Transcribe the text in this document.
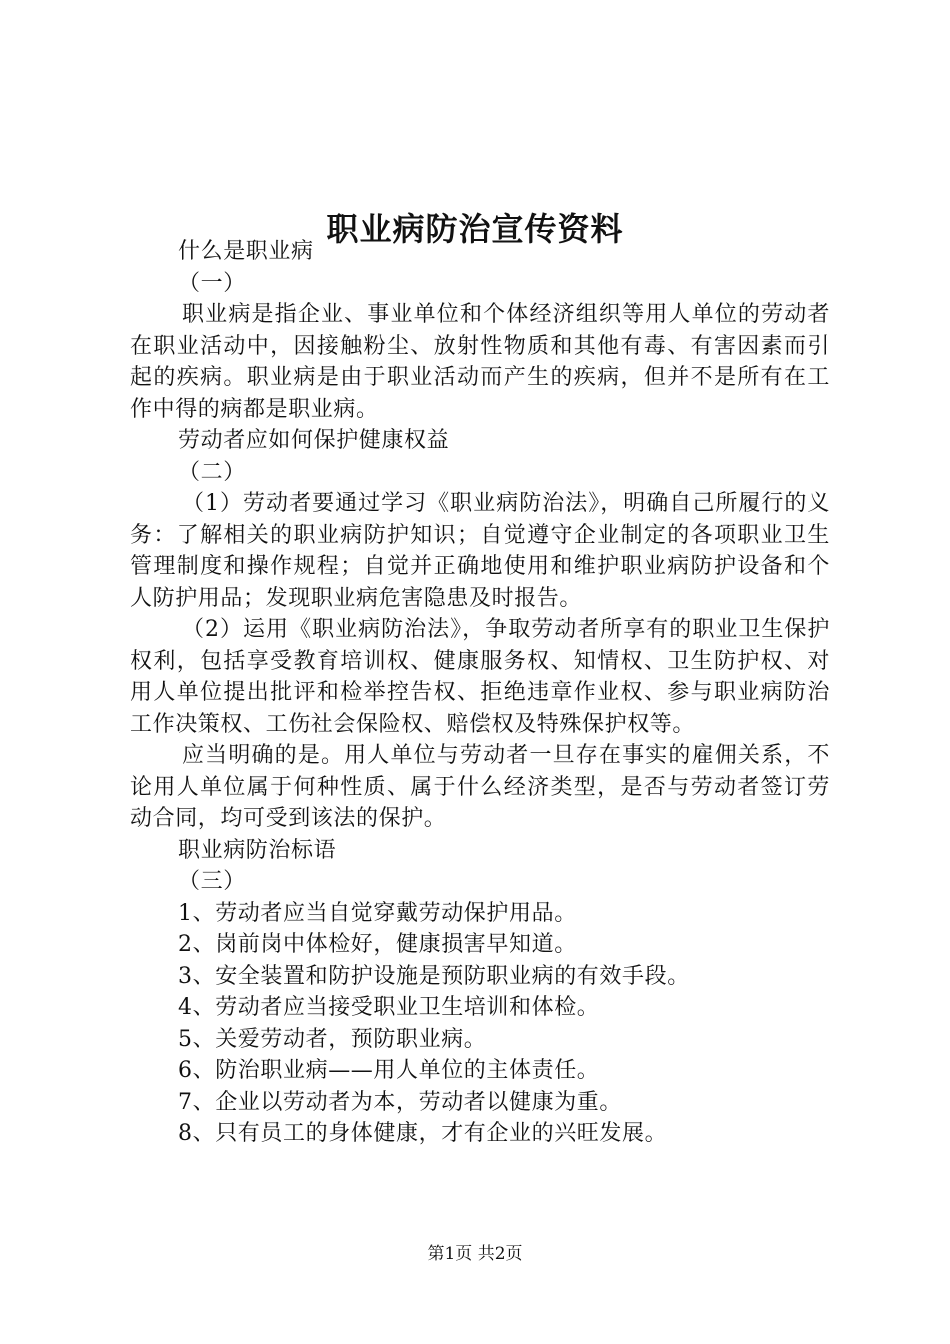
职业病防治宣传资料

什么是职业病

（一）

职业病是指企业、事业单位和个体经济组织等用人单位的劳动者在职业活动中，因接触粉尘、放射性物质和其他有毒、有害因素而引起的疾病。职业病是由于职业活动而产生的疾病，但并不是所有在工作中得的病都是职业病。

劳动者应如何保护健康权益

（二）

（1）劳动者要通过学习《职业病防治法》，明确自己所履行的义务：了解相关的职业病防护知识；自觉遵守企业制定的各项职业卫生管理制度和操作规程；自觉并正确地使用和维护职业病防护设备和个人防护用品；发现职业病危害隐患及时报告。

（2）运用《职业病防治法》，争取劳动者所享有的职业卫生保护权利，包括享受教育培训权、健康服务权、知情权、卫生防护权、对用人单位提出批评和检举控告权、拒绝违章作业权、参与职业病防治工作决策权、工伤社会保险权、赔偿权及特殊保护权等。

应当明确的是。用人单位与劳动者一旦存在事实的雇佣关系，不论用人单位属于何种性质、属于什么经济类型，是否与劳动者签订劳动合同，均可受到该法的保护。

职业病防治标语

（三）

1、劳动者应当自觉穿戴劳动保护用品。

2、岗前岗中体检好，健康损害早知道。

3、安全装置和防护设施是预防职业病的有效手段。

4、劳动者应当接受职业卫生培训和体检。

5、关爱劳动者，预防职业病。

6、防治职业病——用人单位的主体责任。

7、企业以劳动者为本，劳动者以健康为重。

8、只有员工的身体健康，才有企业的兴旺发展。

第1页 共2页
